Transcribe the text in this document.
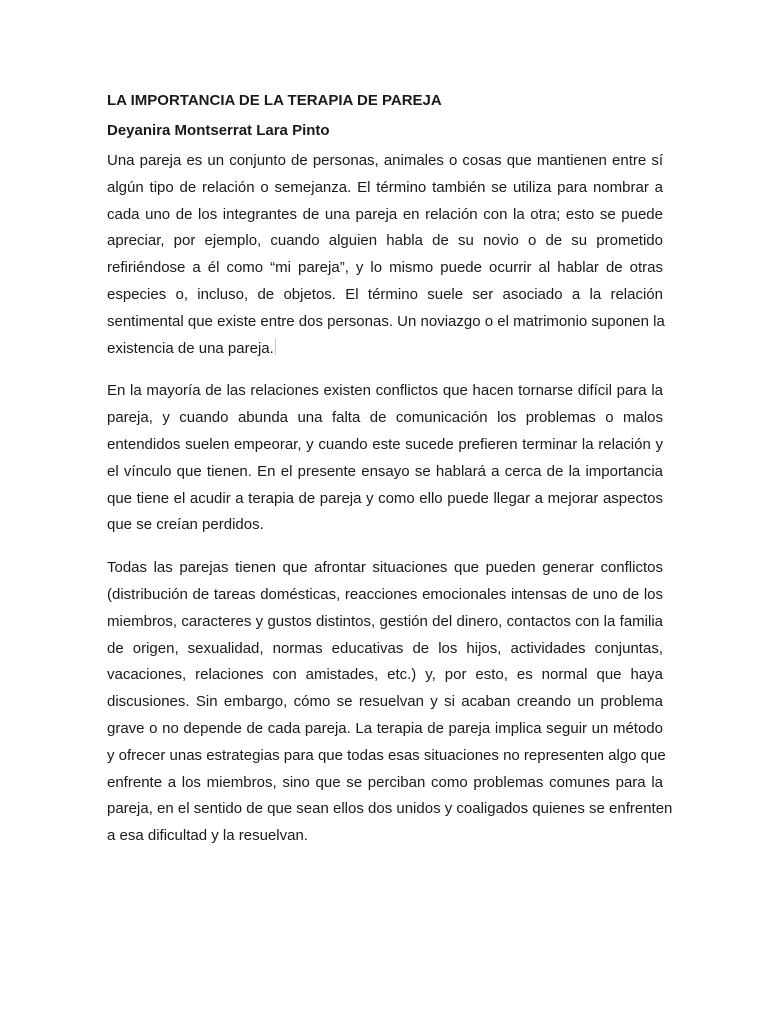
LA IMPORTANCIA DE LA TERAPIA DE PAREJA
Deyanira Montserrat Lara Pinto
Una pareja es un conjunto de personas, animales o cosas que mantienen entre sí
algún tipo de relación o semejanza. El término también se utiliza para nombrar a
cada uno de los integrantes de una pareja en relación con la otra; esto se puede
apreciar, por ejemplo, cuando alguien habla de su novio o de su prometido
refiriéndose a él como “mi pareja”, y lo mismo puede ocurrir al hablar de otras
especies o, incluso, de objetos. El término suele ser asociado a la relación
sentimental que existe entre dos personas. Un noviazgo o el matrimonio suponen la
existencia de una pareja.
En la mayoría de las relaciones existen conflictos que hacen tornarse difícil para la
pareja, y cuando abunda una falta de comunicación los problemas o malos
entendidos suelen empeorar, y cuando este sucede prefieren terminar la relación y
el vínculo que tienen. En el presente ensayo se hablará a cerca de la importancia
que tiene el acudir a terapia de pareja y como ello puede llegar a mejorar aspectos
que se creían perdidos.
Todas las parejas tienen que afrontar situaciones que pueden generar conflictos
(distribución de tareas domésticas, reacciones emocionales intensas de uno de los
miembros, caracteres y gustos distintos, gestión del dinero, contactos con la familia
de origen, sexualidad, normas educativas de los hijos, actividades conjuntas,
vacaciones, relaciones con amistades, etc.) y, por esto, es normal que haya
discusiones. Sin embargo, cómo se resuelvan y si acaban creando un problema
grave o no depende de cada pareja. La terapia de pareja implica seguir un método
y ofrecer unas estrategias para que todas esas situaciones no representen algo que
enfrente a los miembros, sino que se perciban como problemas comunes para la
pareja, en el sentido de que sean ellos dos unidos y coaligados quienes se enfrenten
a esa dificultad y la resuelvan.
